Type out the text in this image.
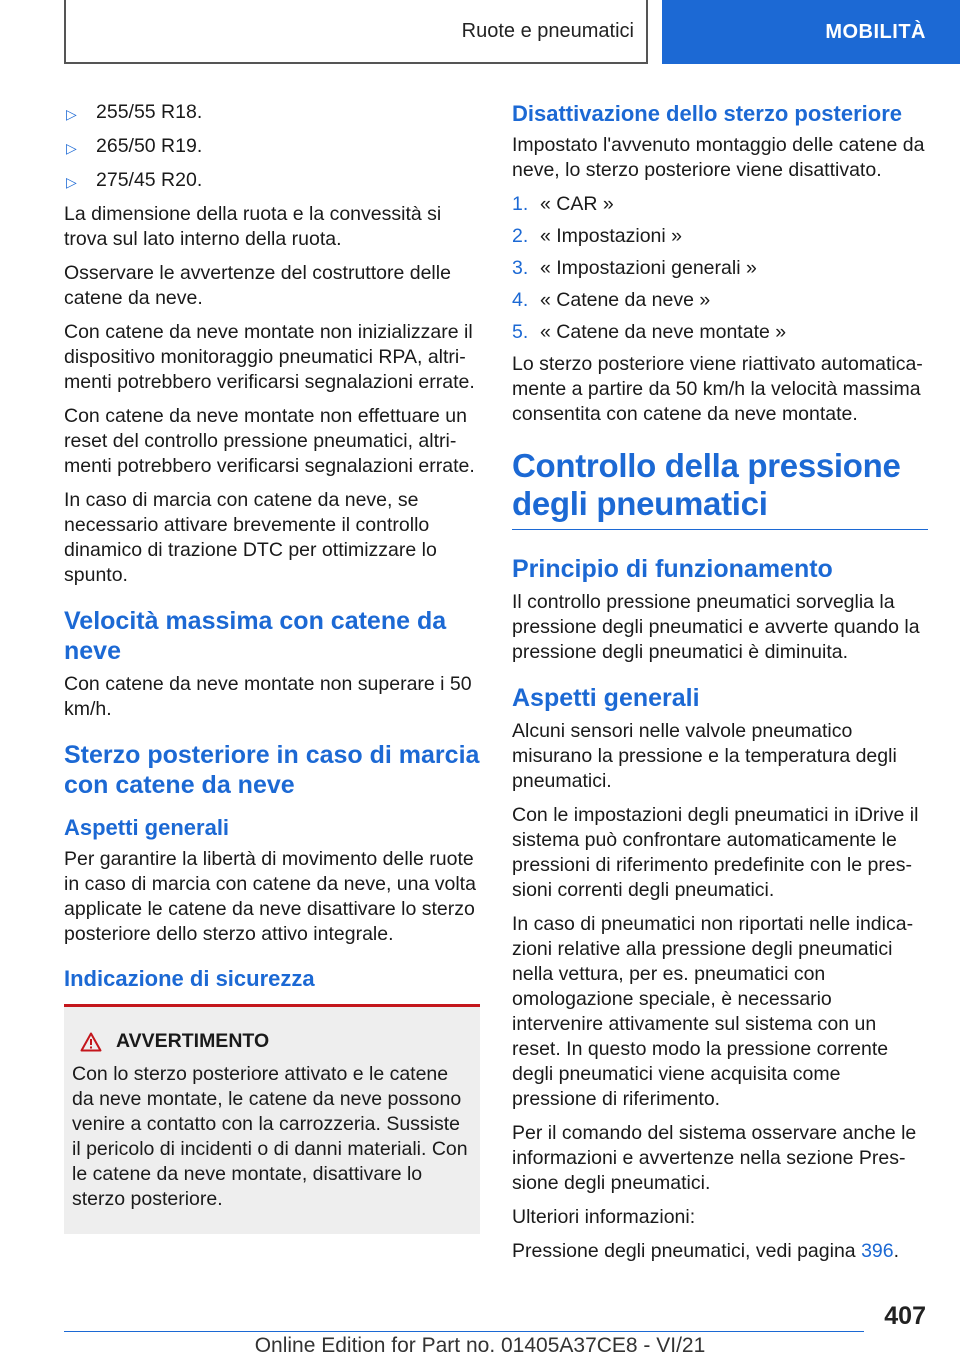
Ruote e pneumatici	MOBILITÀ
▷ 255/55 R18.
▷ 265/50 R19.
▷ 275/45 R20.

La dimensione della ruota e la convessità si trova sul lato interno della ruota.

Osservare le avvertenze del costruttore delle catene da neve.

Con catene da neve montate non inizializzare il dispositivo monitoraggio pneumatici RPA, altrimenti potrebbero verificarsi segnalazioni errate.

Con catene da neve montate non effettuare un reset del controllo pressione pneumatici, altrimenti potrebbero verificarsi segnalazioni errate.

In caso di marcia con catene da neve, se necessario attivare brevemente il controllo dinamico di trazione DTC per ottimizzare lo spunto.

Velocità massima con catene da neve

Con catene da neve montate non superare i 50 km/h.

Sterzo posteriore in caso di marcia con catene da neve
Aspetti generali

Per garantire la libertà di movimento delle ruote in caso di marcia con catene da neve, una volta applicate le catene da neve disattivare lo sterzo posteriore dello sterzo attivo integrale.

Indicazione di sicurezza
AVVERTIMENTO
Con lo sterzo posteriore attivato e le catene da neve montate, le catene da neve possono venire a contatto con la carrozzeria. Sussiste il pericolo di incidenti o di danni materiali. Con le catene da neve montate, disattivare lo sterzo posteriore.
Disattivazione dello sterzo posteriore

Impostato l'avvenuto montaggio delle catene da neve, lo sterzo posteriore viene disattivato.

1. « CAR »
2. « Impostazioni »
3. « Impostazioni generali »
4. « Catene da neve »
5. « Catene da neve montate »

Lo sterzo posteriore viene riattivato automaticamente a partire da 50 km/h la velocità massima consentita con catene da neve montate.

Controllo della pressione degli pneumatici
Principio di funzionamento

Il controllo pressione pneumatici sorveglia la pressione degli pneumatici e avverte quando la pressione degli pneumatici è diminuita.

Aspetti generali

Alcuni sensori nelle valvole pneumatico misurano la pressione e la temperatura degli pneumatici.

Con le impostazioni degli pneumatici in iDrive il sistema può confrontare automaticamente le pressioni di riferimento predefinite con le pressioni correnti degli pneumatici.

In caso di pneumatici non riportati nelle indicazioni relative alla pressione degli pneumatici nella vettura, per es. pneumatici con omologazione speciale, è necessario intervenire attivamente sul sistema con un reset. In questo modo la pressione corrente degli pneumatici viene acquisita come pressione di riferimento.

Per il comando del sistema osservare anche le informazioni e avvertenze nella sezione Pressione degli pneumatici.

Ulteriori informazioni:

Pressione degli pneumatici, vedi pagina 396.

407
Online Edition for Part no. 01405A37CE8 - VI/21
